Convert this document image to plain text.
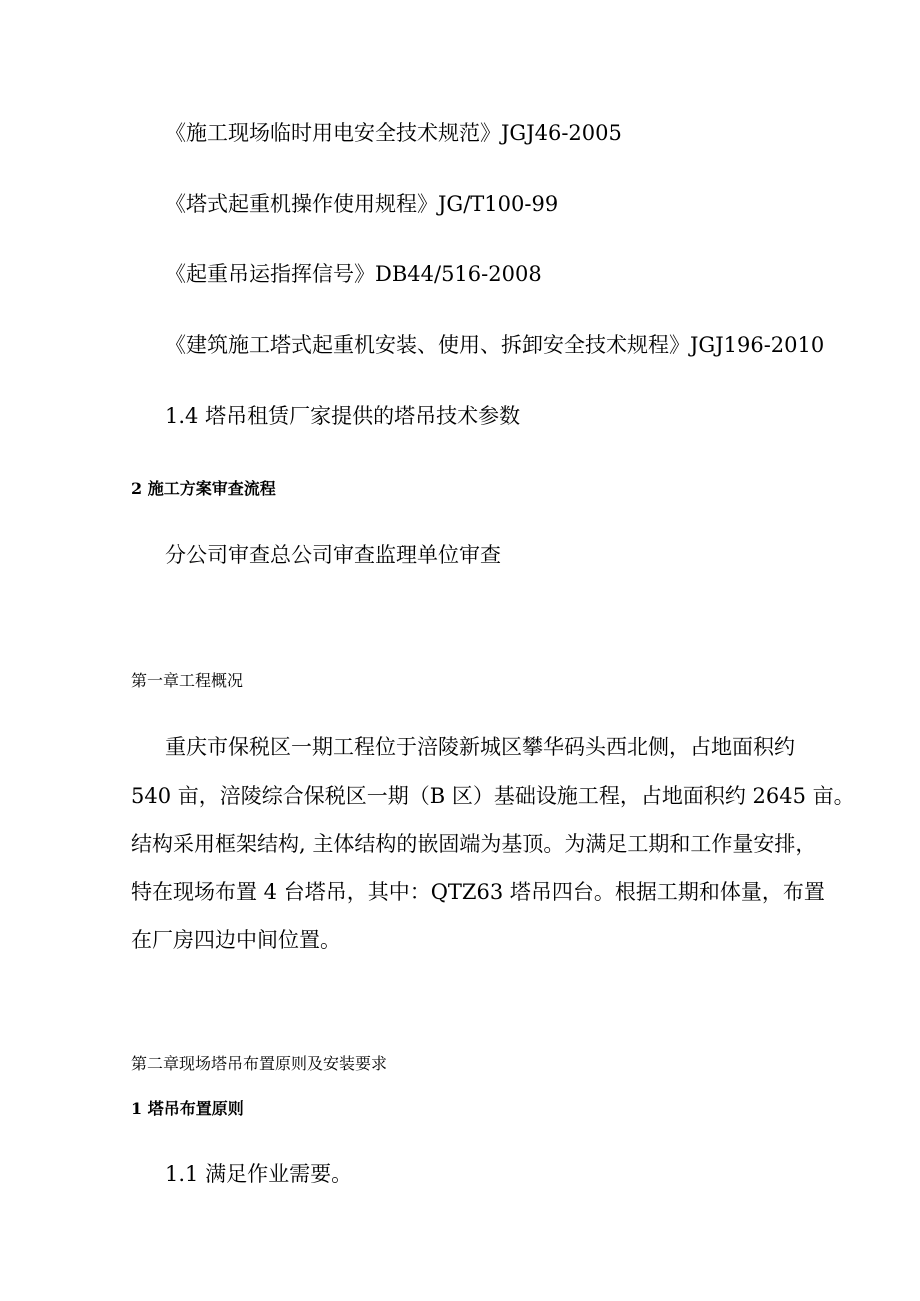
《施工现场临时用电安全技术规范》JGJ46-2005
《塔式起重机操作使用规程》JG/T100-99
《起重吊运指挥信号》DB44/516-2008
《建筑施工塔式起重机安装、使用、拆卸安全技术规程》JGJ196-2010
1.4 塔吊租赁厂家提供的塔吊技术参数
2 施工方案审查流程
分公司审查总公司审查监理单位审查
第一章工程概况
重庆市保税区一期工程位于涪陵新城区攀华码头西北侧，占地面积约
540 亩，涪陵综合保税区一期（B 区）基础设施工程，占地面积约 2645 亩。
结构采用框架结构, 主体结构的嵌固端为基顶。为满足工期和工作量安排，
特在现场布置 4 台塔吊，其中：QTZ63 塔吊四台。根据工期和体量，布置
在厂房四边中间位置。
第二章现场塔吊布置原则及安装要求
1 塔吊布置原则
1.1 满足作业需要。
